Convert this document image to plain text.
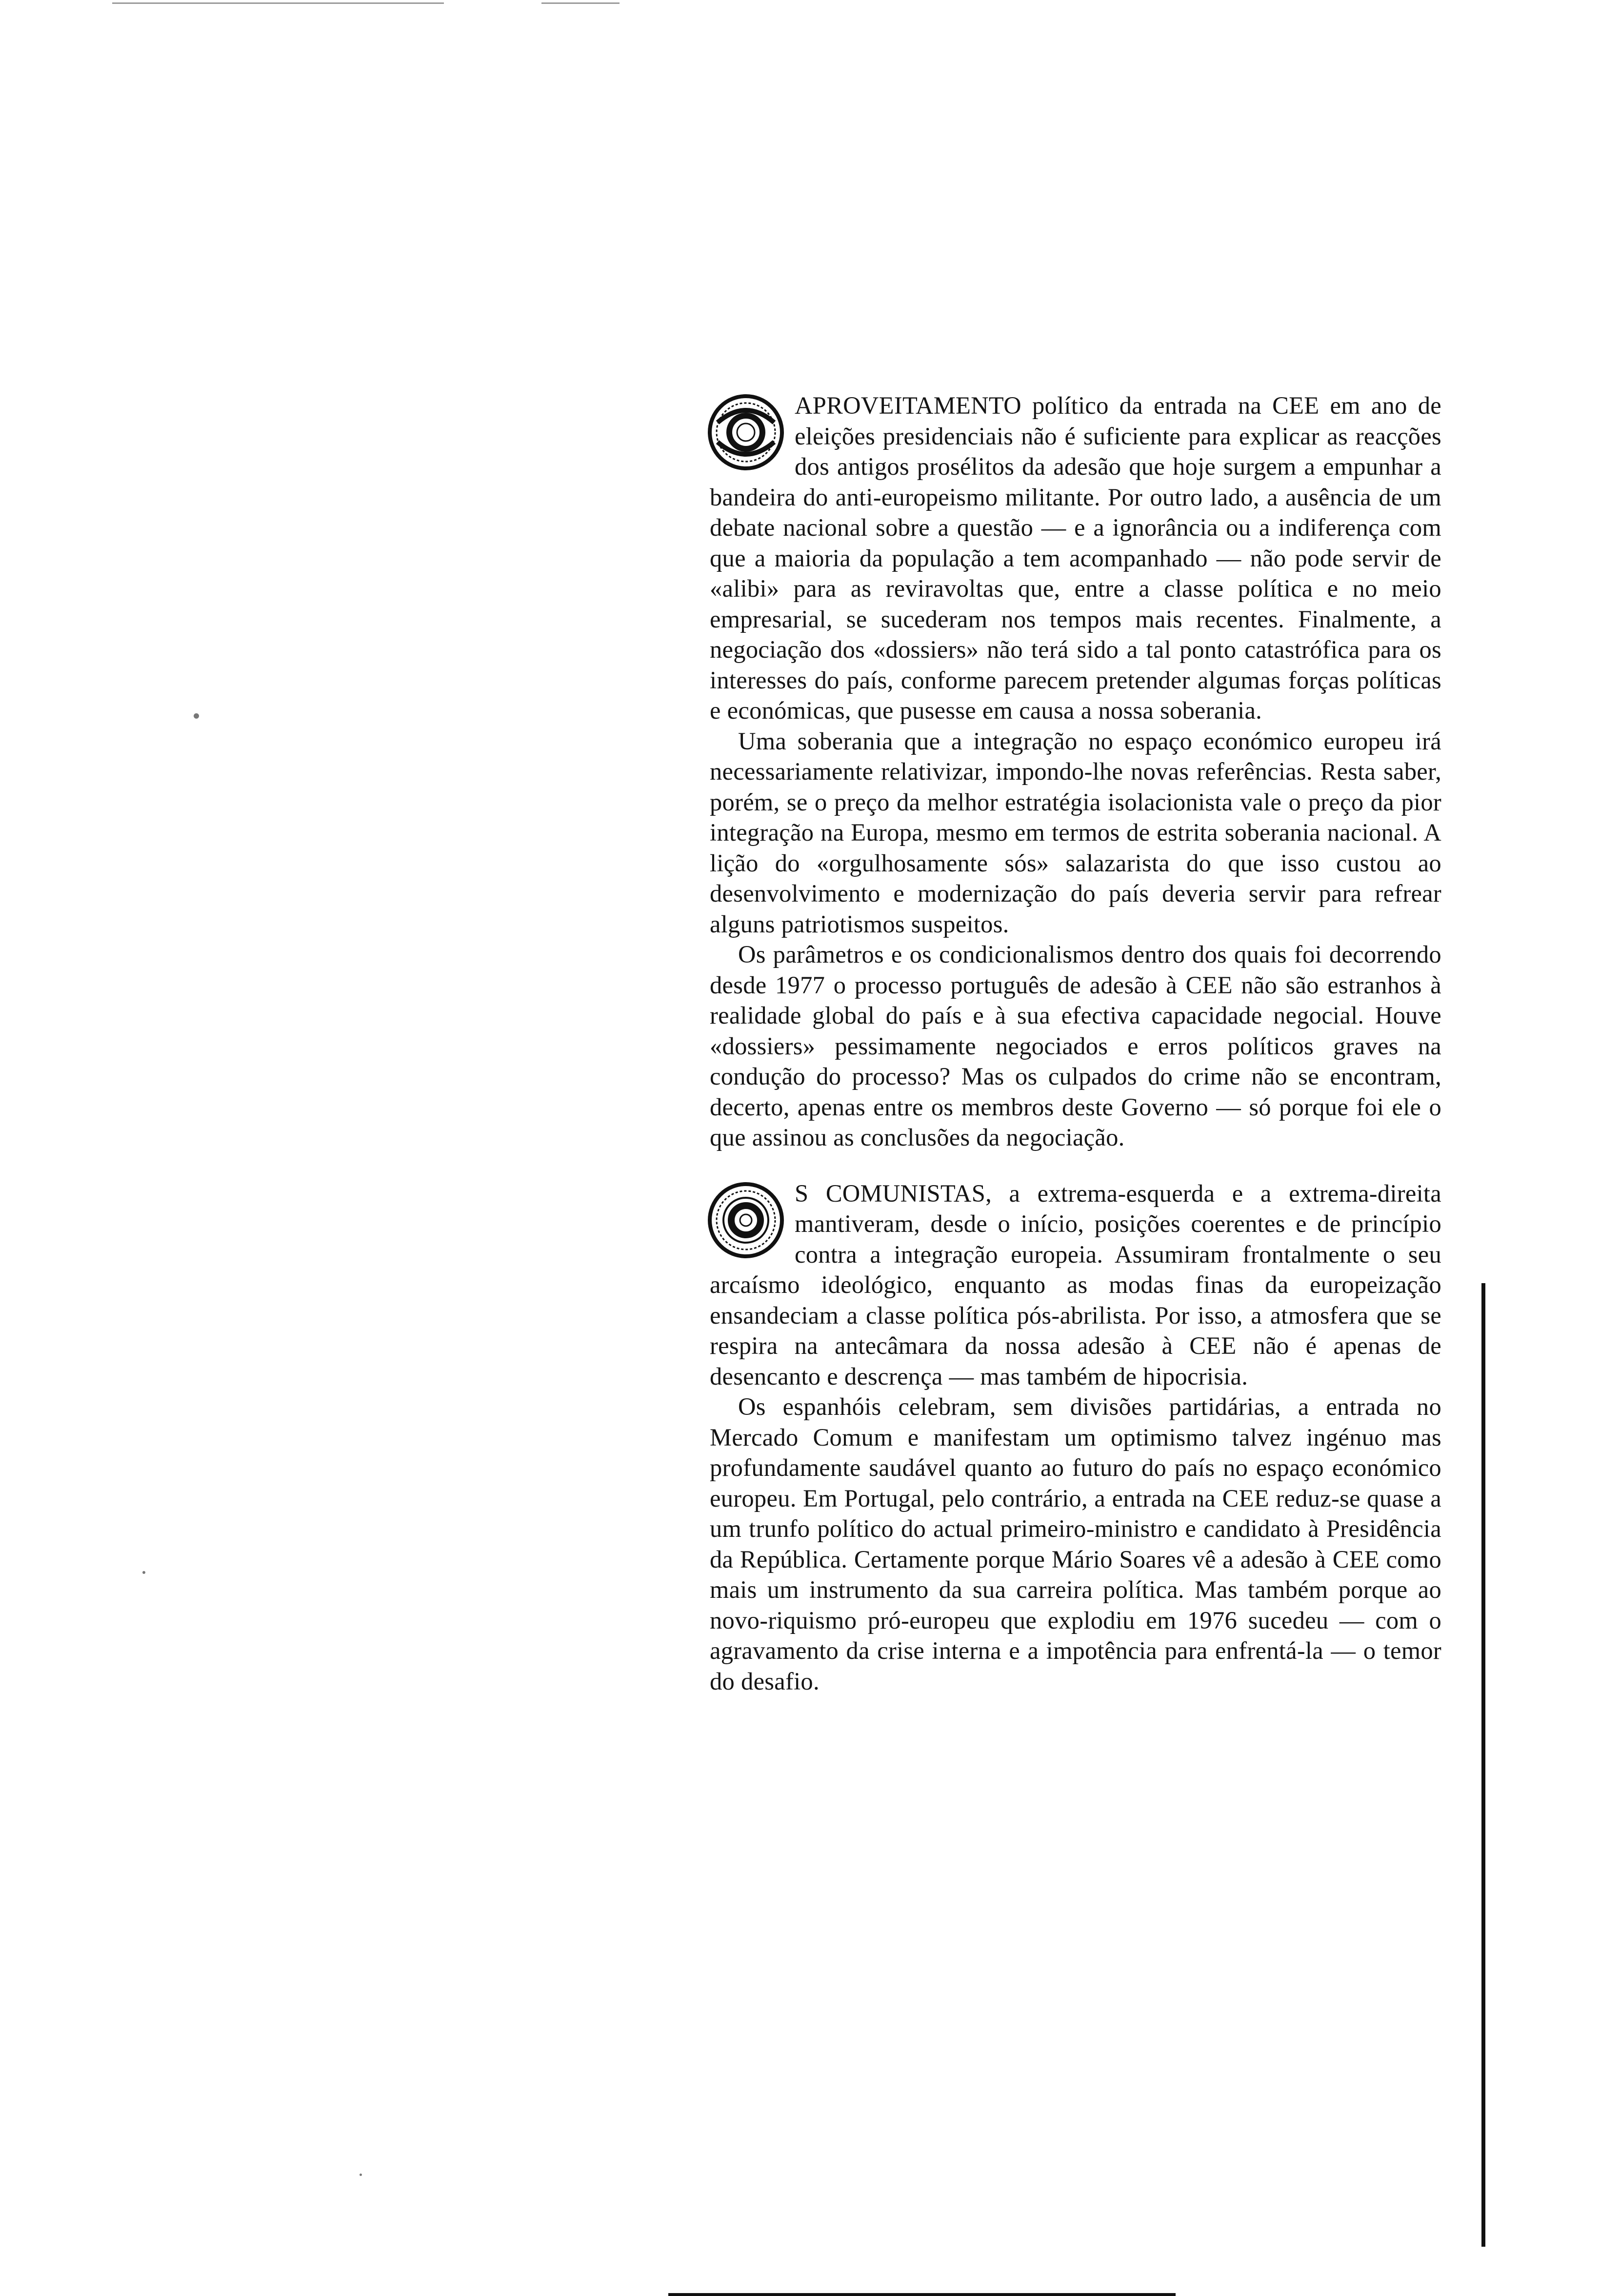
APROVEITAMENTO político da entrada na CEE em ano de eleições presidenciais não é suficiente para explicar as reacções dos antigos prosélitos da adesão que hoje surgem a empunhar a bandeira do anti-europeismo militante. Por outro lado, a ausência de um debate nacional sobre a questão — e a ignorância ou a indiferença com que a maioria da população a tem acompanhado — não pode servir de «alibi» para as reviravoltas que, entre a classe política e no meio empresarial, se sucederam nos tempos mais recentes. Finalmente, a negociação dos «dossiers» não terá sido a tal ponto catastrófica para os interesses do país, conforme parecem pretender algumas forças políticas e económicas, que pusesse em causa a nossa soberania.

Uma soberania que a integração no espaço económico europeu irá necessariamente relativizar, impondo-lhe novas referências. Resta saber, porém, se o preço da melhor estratégia isolacionista vale o preço da pior integração na Europa, mesmo em termos de estrita soberania nacional. A lição do «orgulhosamente sós» salazarista do que isso custou ao desenvolvimento e modernização do país deveria servir para refrear alguns patriotismos suspeitos.

Os parâmetros e os condicionalismos dentro dos quais foi decorrendo desde 1977 o processo português de adesão à CEE não são estranhos à realidade global do país e à sua efectiva capacidade negocial. Houve «dossiers» pessimamente negociados e erros políticos graves na condução do processo? Mas os culpados do crime não se encontram, decerto, apenas entre os membros deste Governo — só porque foi ele o que assinou as conclusões da negociação.

S COMUNISTAS, a extrema-esquerda e a extrema-direita mantiveram, desde o início, posições coerentes e de princípio contra a integração europeia. Assumiram frontalmente o seu arcaísmo ideológico, enquanto as modas finas da europeização ensandeciam a classe política pós-abrilista. Por isso, a atmosfera que se respira na antecâmara da nossa adesão à CEE não é apenas de desencanto e descrença — mas também de hipocrisia.

Os espanhóis celebram, sem divisões partidárias, a entrada no Mercado Comum e manifestam um optimismo talvez ingénuo mas profundamente saudável quanto ao futuro do país no espaço económico europeu. Em Portugal, pelo contrário, a entrada na CEE reduz-se quase a um trunfo político do actual primeiro-ministro e candidato à Presidência da República. Certamente porque Mário Soares vê a adesão à CEE como mais um instrumento da sua carreira política. Mas também porque ao novo-riquismo pró-europeu que explodiu em 1976 sucedeu — com o agravamento da crise interna e a impotência para enfrentá-la — o temor do desafio.
